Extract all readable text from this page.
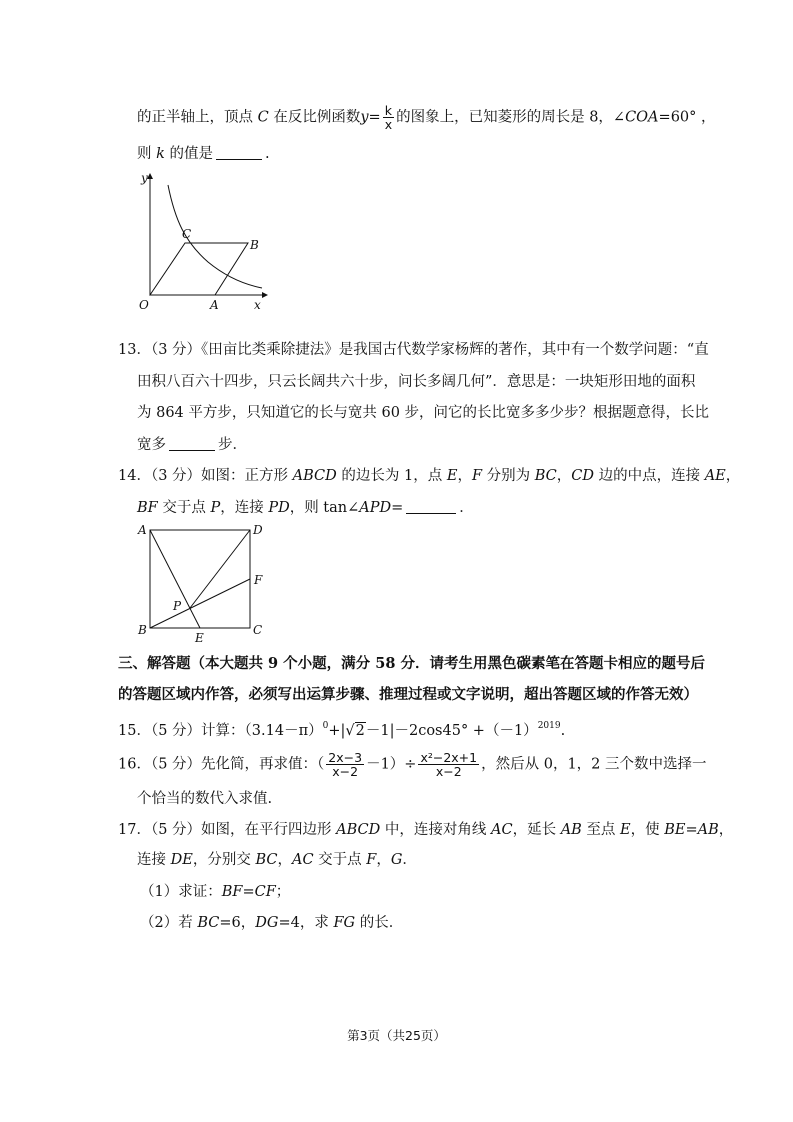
的正半轴上，顶点 C 在反比例函数$y= \frac{k}{x}$ 的图象上，已知菱形的周长是 8，∠COA=60° ，
则 k 的值是	.
y
x
O	A
B
C
13．（3 分）《田亩比类乘除捷法》是我国古代数学家杨辉的著作，其中有一个数学问题：“直
田积八百六十四步，只云长阔共六十步，问长多阔几何”．意思是：一块矩形田地的面积
为 864 平方步，只知道它的长与宽共 60 步，问它的长比宽多多少步？根据题意得，长比
宽多	步．
14．（3 分）如图：正方形 ABCD 的边长为 1，点 E，F 分别为 BC，CD 边的中点，连接 AE，
BF 交于点 P，连接 PD，则 tan∠APD=	．
A	D
F
P
B	C
E
三、解答题（本大题共 9 个小题，满分 58 分．请考生用黑色碳素笔在答题卡相应的题号后
的答题区域内作答，必须写出运算步骤、推理过程或文字说明，超出答题区域的作答无效）
15．（5 分）计算：$(3.14-\pi)^0+|√2-1|-2\cos 45^\circ +(-1)^{2019}$.
16．（5 分）先化简，再求值：（ $\frac{2x-3}{x-2} -1)\div \frac{\text{x²−2x+1}}{x-2}$ ，然后从 0，1，2 三个数中选择一
个恰当的数代入求值.
17．（5 分）如图，在平行四边形 ABCD 中，连接对角线 AC，延长 AB 至点 E，使 BE=AB，
连接 DE，分别交 BC，AC 交于点 F，G．
（1）求证：BF=CF；
（2）若 BC=6，DG=4，求 FG 的长．
第3页（共25页）
